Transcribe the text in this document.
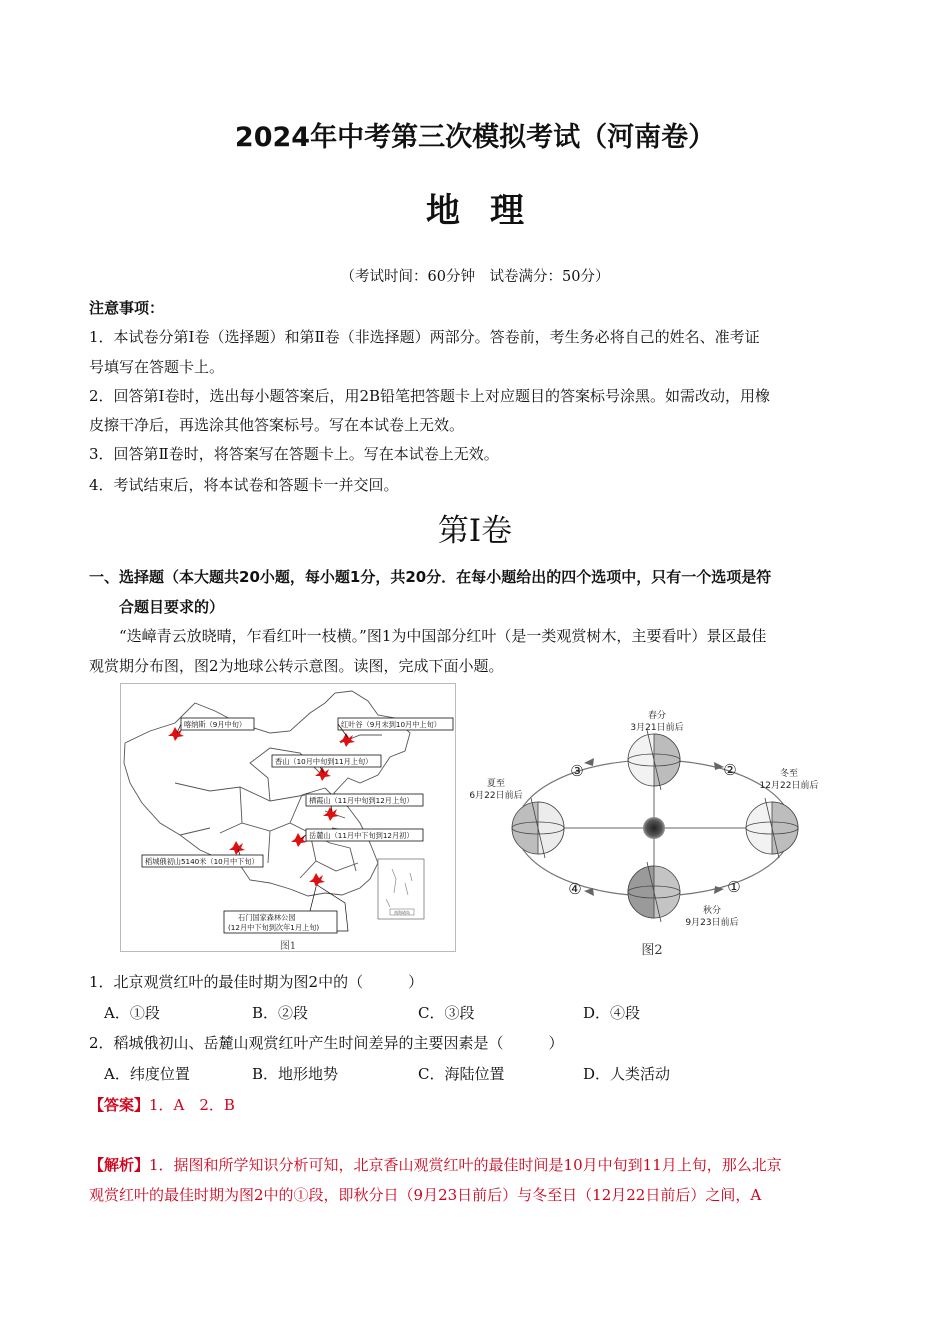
2024年中考第三次模拟考试（河南卷）
地理
（考试时间：60分钟　试卷满分：50分）
注意事项：
1．本试卷分第Ⅰ卷（选择题）和第Ⅱ卷（非选择题）两部分。答卷前，考生务必将自己的姓名、准考证
号填写在答题卡上。
2．回答第Ⅰ卷时，选出每小题答案后，用2B铅笔把答题卡上对应题目的答案标号涂黑。如需改动，用橡
皮擦干净后，再选涂其他答案标号。写在本试卷上无效。
3．回答第Ⅱ卷时，将答案写在答题卡上。写在本试卷上无效。
4．考试结束后，将本试卷和答题卡一并交回。
第Ⅰ卷
一、选择题（本大题共20小题，每小题1分，共20分．在每小题给出的四个选项中，只有一个选项是符
合题目要求的）
“迭嶂青云放晓晴，乍看红叶一枝横。”图1为中国部分红叶（是一类观赏树木，主要看叶）景区最佳
观赏期分布图，图2为地球公转示意图。读图，完成下面小题。
南海诸岛
喀纳斯（9月中旬）	红叶谷（9月末到10月中上旬）
香山（10月中旬到11月上旬）
栖霞山（11月中旬到12月上旬）
岳麓山（11月中下旬到12月初）
稻城俄初山5140米（10月中下旬）
石门国家森林公园
(12月中下旬到次年1月上旬)
图1
春分
3月21日前后
夏至
6月22日前后
冬至
12月22日前后
秋分
9月23日前后
③	②
④	①
图2
1．北京观赏红叶的最佳时期为图2中的（　　　）
A．①段	B．②段	C．③段	D．④段
2．稻城俄初山、岳麓山观赏红叶产生时间差异的主要因素是（　　　）
A．纬度位置	B．地形地势	C．海陆位置	D．人类活动
【答案】1．A　2．B
【解析】1．据图和所学知识分析可知，北京香山观赏红叶的最佳时间是10月中旬到11月上旬，那么北京
观赏红叶的最佳时期为图2中的①段，即秋分日（9月23日前后）与冬至日（12月22日前后）之间，A
